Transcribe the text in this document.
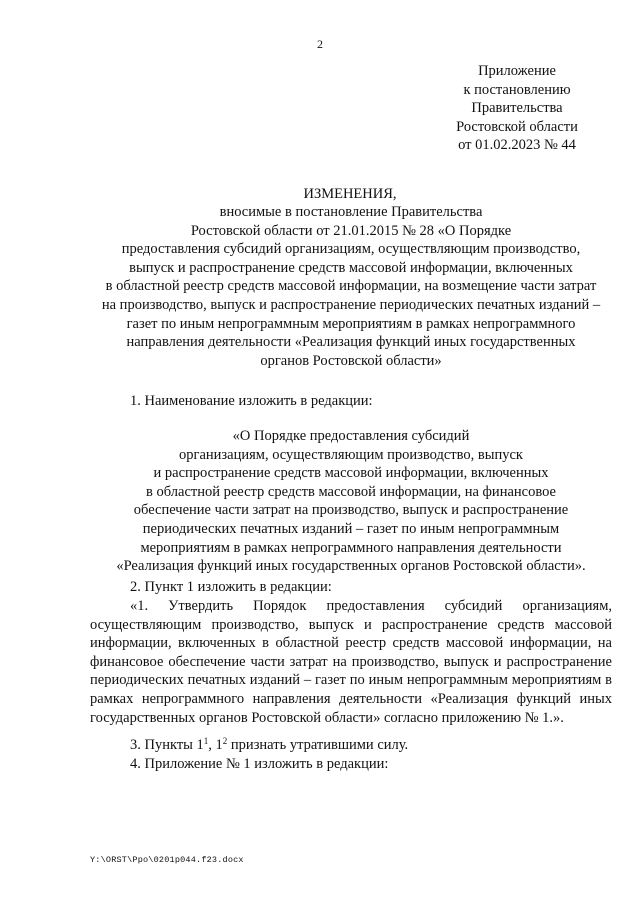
2
Приложение
к постановлению
Правительства
Ростовской области
от 01.02.2023 № 44
ИЗМЕНЕНИЯ,
вносимые в постановление Правительства
Ростовской области от 21.01.2015 № 28 «О Порядке
предоставления субсидий организациям, осуществляющим производство,
выпуск и распространение средств массовой информации, включенных
в областной реестр средств массовой информации, на возмещение части затрат
на производство, выпуск и распространение периодических печатных изданий –
газет по иным непрограммным мероприятиям в рамках непрограммного
направления деятельности «Реализация функций иных государственных
органов Ростовской области»
1. Наименование изложить в редакции:
«О Порядке предоставления субсидий
организациям, осуществляющим производство, выпуск
и распространение средств массовой информации, включенных
в областной реестр средств массовой информации, на финансовое
обеспечение части затрат на производство, выпуск и распространение
периодических печатных изданий – газет по иным непрограммным
мероприятиям в рамках непрограммного направления деятельности
«Реализация функций иных государственных органов Ростовской области».
2. Пункт 1 изложить в редакции:
«1. Утвердить Порядок предоставления субсидий организациям, осуществляющим производство, выпуск и распространение средств массовой информации, включенных в областной реестр средств массовой информации, на финансовое обеспечение части затрат на производство, выпуск и распространение периодических печатных изданий – газет по иным непрограммным мероприятиям в рамках непрограммного направления деятельности «Реализация функций иных государственных органов Ростовской области» согласно приложению № 1.».
3. Пункты $1^1$, $1^2$ признать утратившими силу.
4. Приложение № 1 изложить в редакции:
Y:\ORST\Ppo\0201p044.f23.docx
